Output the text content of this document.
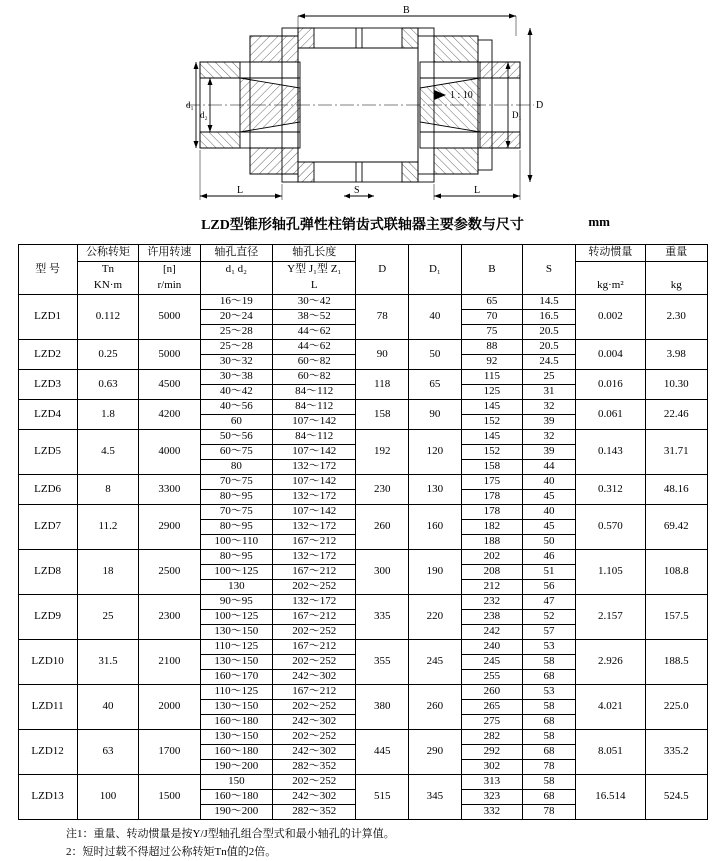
B
L	L
S
D
D₁
d₁
d₂
1 : 10
LZD型锥形轴孔弹性柱销齿式联轴器主要参数与尺寸	mm
型 号	公称转矩	许用转速	轴孔直径	轴孔长度	D	D₁	B	S	转动惯量	重量
	Tn	[n]	d₁ d₂	Y型 J₁型 Z₁						
	KN·m	r/min		L					kg·m²	kg
LZD1	0.112	5000	16～19	30～42	78	40	65	14.5	0.002	2.30
			20～24	38～52			70	16.5		
			25～28	44～62			75	20.5		
LZD2	0.25	5000	25～28	44～62	90	50	88	20.5	0.004	3.98
			30～32	60～82			92	24.5		
LZD3	0.63	4500	30～38	60～82	118	65	115	25	0.016	10.30
			40～42	84～112			125	31		
LZD4	1.8	4200	40～56	84～112	158	90	145	32	0.061	22.46
			60	107～142			152	39		
LZD5	4.5	4000	50～56	84～112	192	120	145	32	0.143	31.71
			60～75	107～142			152	39		
			80	132～172			158	44		
LZD6	8	3300	70～75	107～142	230	130	175	40	0.312	48.16
			80～95	132～172			178	45		
LZD7	11.2	2900	70～75	107～142	260	160	178	40	0.570	69.42
			80～95	132～172			182	45		
			100～110	167～212			188	50		
LZD8	18	2500	80～95	132～172	300	190	202	46	1.105	108.8
			100～125	167～212			208	51		
			130	202～252			212	56		
LZD9	25	2300	90～95	132～172	335	220	232	47	2.157	157.5
			100～125	167～212			238	52		
			130～150	202～252			242	57		
LZD10	31.5	2100	110～125	167～212	355	245	240	53	2.926	188.5
			130～150	202～252			245	58		
			160～170	242～302			255	68		
LZD11	40	2000	110～125	167～212	380	260	260	53	4.021	225.0
			130～150	202～252			265	58		
			160～180	242～302			275	68		
LZD12	63	1700	130～150	202～252	445	290	282	58	8.051	335.2
			160～180	242～302			292	68		
			190～200	282～352			302	78		
LZD13	100	1500	150	202～252	515	345	313	58	16.514	524.5
			160～180	242～302			323	68		
			190～200	282～352			332	78		
注1：重量、转动惯量是按Y/J型轴孔组合型式和最小轴孔的计算值。
2：短时过载不得超过公称转矩Tn值的2倍。
